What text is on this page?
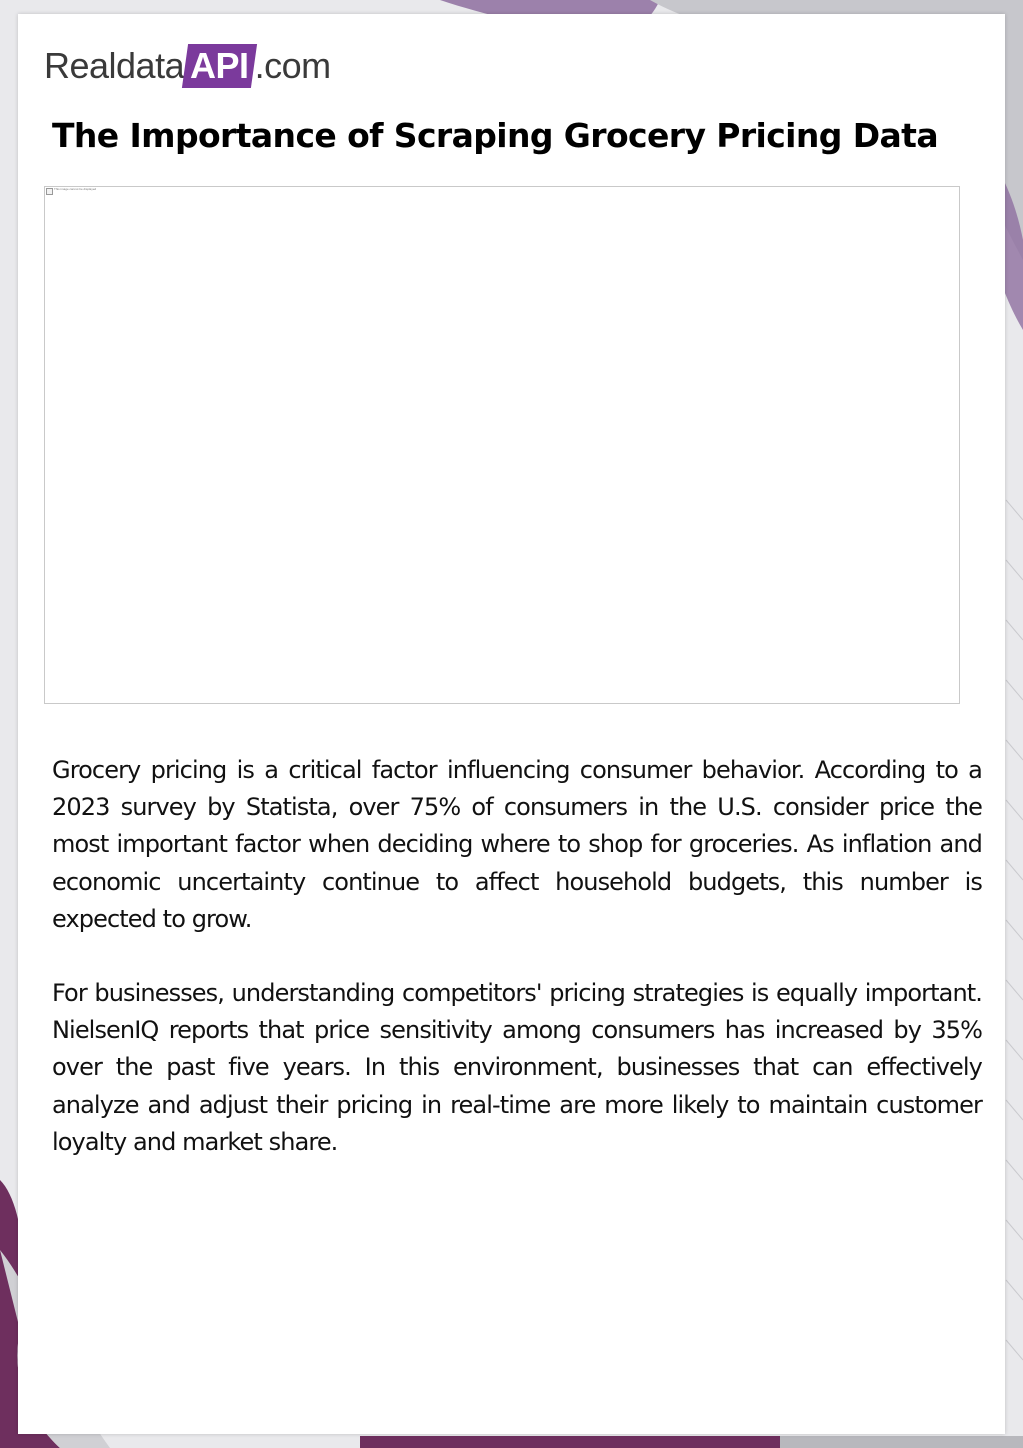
Realdata API .com
The Importance of Scraping Grocery Pricing Data
This image cannot be displayed

Grocery pricing is a critical factor influencing consumer behavior. According to a 2023 survey by Statista, over 75% of consumers in the U.S. consider price the most important factor when deciding where to shop for groceries. As inflation and economic uncertainty continue to affect household budgets, this number is expected to grow.

For businesses, understanding competitors' pricing strategies is equally important. NielsenIQ reports that price sensitivity among consumers has increased by 35% over the past five years. In this environment, businesses that can effectively analyze and adjust their pricing in real-time are more likely to maintain customer loyalty and market share.
